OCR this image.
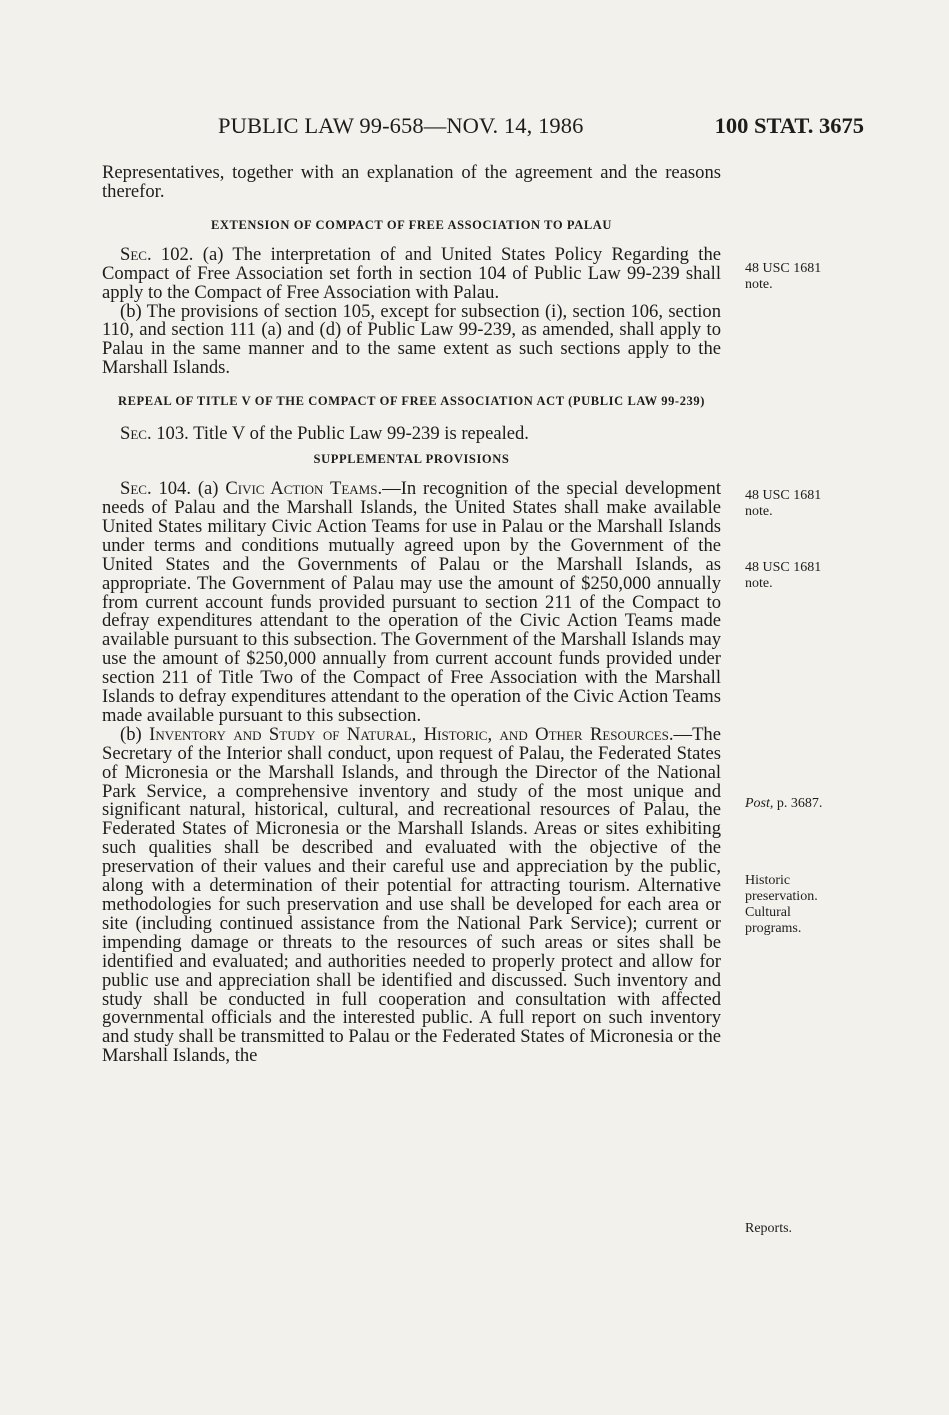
PUBLIC LAW 99-658—NOV. 14, 1986	100 STAT. 3675

Representatives, together with an explanation of the agreement and the reasons therefor.

EXTENSION OF COMPACT OF FREE ASSOCIATION TO PALAU

Sec. 102. (a) The interpretation of and United States Policy Regarding the Compact of Free Association set forth in section 104 of Public Law 99-239 shall apply to the Compact of Free Association with Palau.

(b) The provisions of section 105, except for subsection (i), section 106, section 110, and section 111 (a) and (d) of Public Law 99-239, as amended, shall apply to Palau in the same manner and to the same extent as such sections apply to the Marshall Islands.

REPEAL OF TITLE V OF THE COMPACT OF FREE ASSOCIATION ACT (PUBLIC LAW 99-239)

Sec. 103. Title V of the Public Law 99-239 is repealed.

SUPPLEMENTAL PROVISIONS

Sec. 104. (a) Civic Action Teams.—In recognition of the special development needs of Palau and the Marshall Islands, the United States shall make available United States military Civic Action Teams for use in Palau or the Marshall Islands under terms and conditions mutually agreed upon by the Government of the United States and the Governments of Palau or the Marshall Islands, as appropriate. The Government of Palau may use the amount of $250,000 annually from current account funds provided pursuant to section 211 of the Compact to defray expenditures attendant to the operation of the Civic Action Teams made available pursuant to this subsection. The Government of the Marshall Islands may use the amount of $250,000 annually from current account funds provided under section 211 of Title Two of the Compact of Free Association with the Marshall Islands to defray expenditures attendant to the operation of the Civic Action Teams made available pursuant to this subsection.

(b) Inventory and Study of Natural, Historic, and Other Resources.—The Secretary of the Interior shall conduct, upon request of Palau, the Federated States of Micronesia or the Marshall Islands, and through the Director of the National Park Service, a comprehensive inventory and study of the most unique and significant natural, historical, cultural, and recreational resources of Palau, the Federated States of Micronesia or the Marshall Islands. Areas or sites exhibiting such qualities shall be described and evaluated with the objective of the preservation of their values and their careful use and appreciation by the public, along with a determination of their potential for attracting tourism. Alternative methodologies for such preservation and use shall be developed for each area or site (including continued assistance from the National Park Service); current or impending damage or threats to the resources of such areas or sites shall be identified and evaluated; and authorities needed to properly protect and allow for public use and appreciation shall be identified and discussed. Such inventory and study shall be conducted in full cooperation and consultation with affected governmental officials and the interested public. A full report on such inventory and study shall be transmitted to Palau or the Federated States of Micronesia or the Marshall Islands, the

48 USC 1681 note.
48 USC 1681 note.
48 USC 1681 note.
Post, p. 3687.
Historic preservation. Cultural programs.
Reports.
